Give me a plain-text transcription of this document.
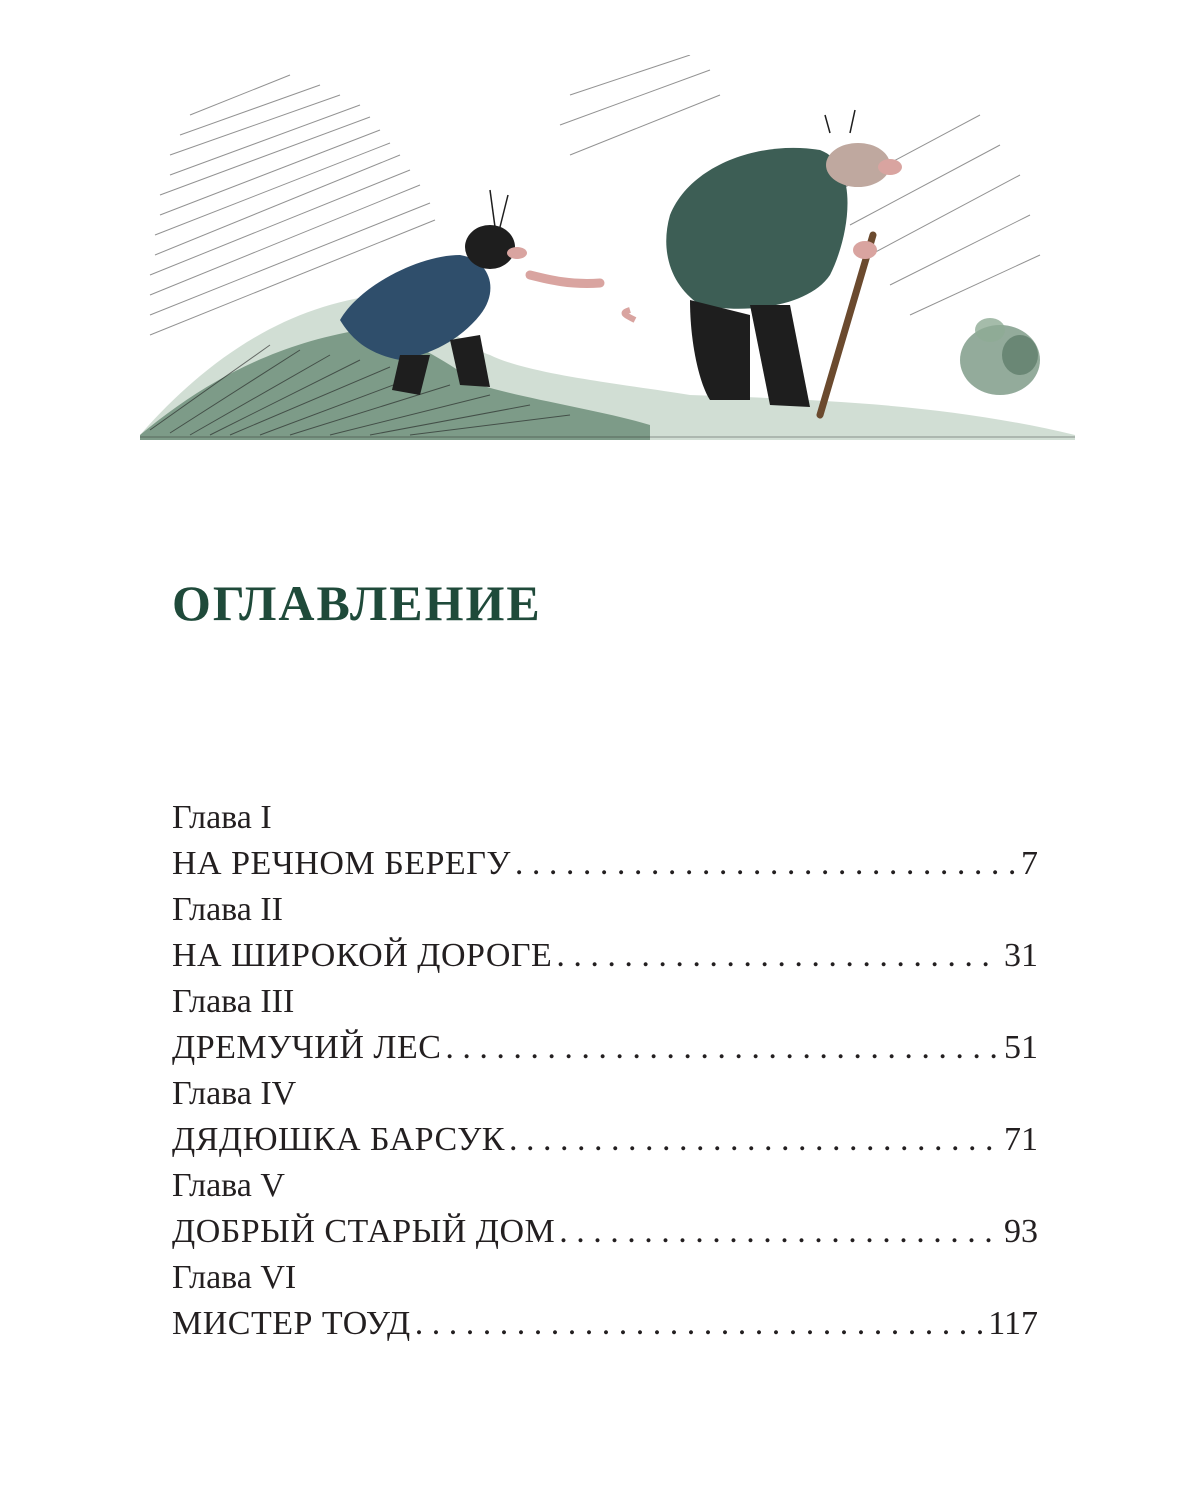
ОГЛАВЛЕНИЕ
Глава I
НА РЕЧНОМ БЕРЕГУ . . .	7
Глава II
НА ШИРОКОЙ ДОРОГЕ . . .	31
Глава III
ДРЕМУЧИЙ ЛЕС . . .	51
Глава IV
ДЯДЮШКА БАРСУК . . .	71
Глава V
ДОБРЫЙ СТАРЫЙ ДОМ . . .	93
Глава VI
МИСТЕР ТОУД . . .	117
